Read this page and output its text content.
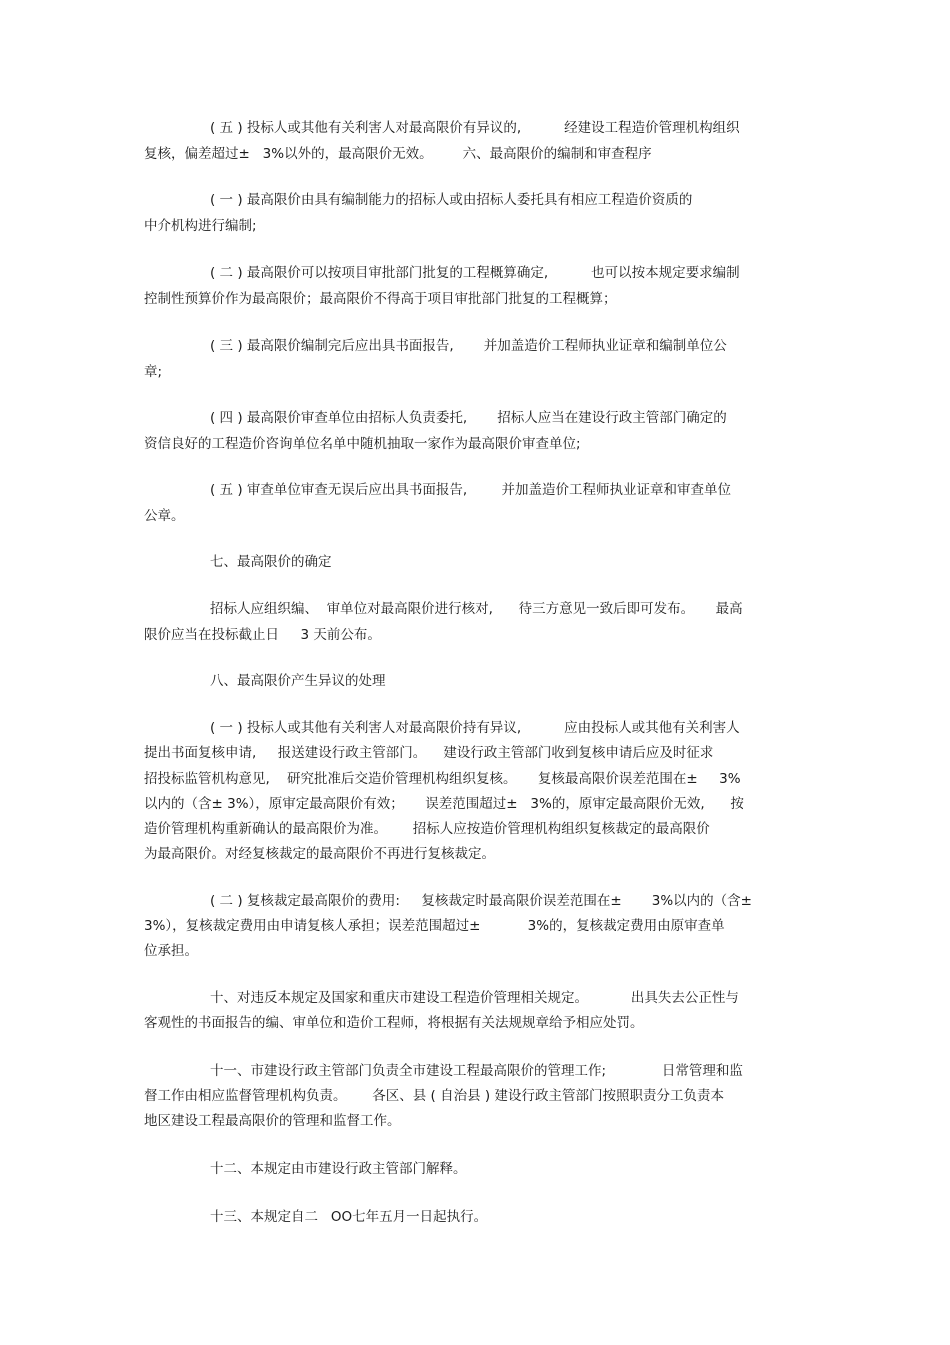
( 五 ) 投标人或其他有关利害人对最高限价有异议的,          经建设工程造价管理机构组织
复核，偏差超过±   3%以外的，最高限价无效。       六、最高限价的编制和审查程序
( 一 ) 最高限价由具有编制能力的招标人或由招标人委托具有相应工程造价资质的
中介机构进行编制;
( 二 ) 最高限价可以按项目审批部门批复的工程概算确定,          也可以按本规定要求编制
控制性预算价作为最高限价；最高限价不得高于项目审批部门批复的工程概算；
( 三 ) 最高限价编制完后应出具书面报告,       并加盖造价工程师执业证章和编制单位公
章;
( 四 ) 最高限价审查单位由招标人负责委托,       招标人应当在建设行政主管部门确定的
资信良好的工程造价咨询单位名单中随机抽取一家作为最高限价审查单位;
( 五 ) 审查单位审查无误后应出具书面报告,        并加盖造价工程师执业证章和审查单位
公章。
七、最高限价的确定
招标人应组织编、  审单位对最高限价进行核对,      待三方意见一致后即可发布。     最高
限价应当在投标截止日     3 天前公布。
八、最高限价产生异议的处理
( 一 ) 投标人或其他有关利害人对最高限价持有异议,          应由投标人或其他有关利害人
提出书面复核申请,     报送建设行政主管部门。    建设行政主管部门收到复核申请后应及时征求
招投标监管机构意见,    研究批准后交造价管理机构组织复核。     复核最高限价误差范围在±     3%
以内的（含± 3%），原审定最高限价有效；     误差范围超过±   3%的，原审定最高限价无效,      按
造价管理机构重新确认的最高限价为准。      招标人应按造价管理机构组织复核裁定的最高限价
为最高限价。对经复核裁定的最高限价不再进行复核裁定。
( 二 ) 复核裁定最高限价的费用:     复核裁定时最高限价误差范围在±       3%以内的（含±
3%），复核裁定费用由申请复核人承担；误差范围超过±           3%的，复核裁定费用由原审查单
位承担。
十、对违反本规定及国家和重庆市建设工程造价管理相关规定。          出具失去公正性与
客观性的书面报告的编、审单位和造价工程师，将根据有关法规规章给予相应处罚。
十一、市建设行政主管部门负责全市建设工程最高限价的管理工作;             日常管理和监
督工作由相应监督管理机构负责。      各区、县 ( 自治县 ) 建设行政主管部门按照职责分工负责本
地区建设工程最高限价的管理和监督工作。
十二、本规定由市建设行政主管部门解释。
十三、本规定自二   OO七年五月一日起执行。
